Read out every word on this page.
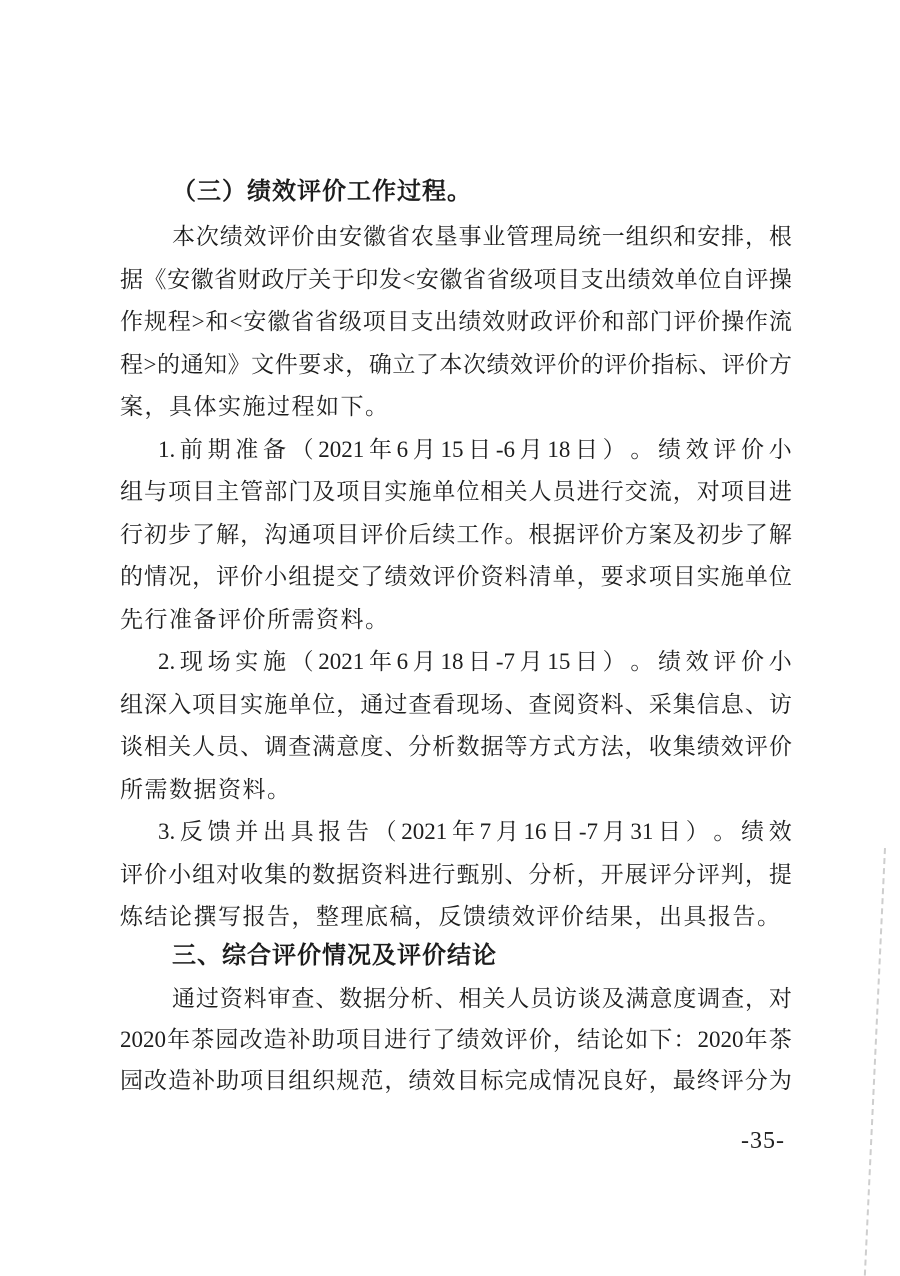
（三）绩效评价工作过程。
本 次 绩 效 评 价 由 安 徽 省 农 垦 事 业 管 理 局 统 一 组 织 和 安 排 ， 根
据 《 安 徽 省 财 政 厅 关 于 印 发 < 安 徽 省 省 级 项 目 支 出 绩 效 单 位 自 评 操
作 规 程 > 和 < 安 徽 省 省 级 项 目 支 出 绩 效 财 政 评 价 和 部 门 评 价 操 作 流
程 > 的 通 知 》 文 件 要 求 ， 确 立 了 本 次 绩 效 评 价 的 评 价 指 标 、 评 价 方
案，具体实施过程如下。
1. 前 期 准 备 （ 2021 年 6 月 15 日 -6 月 18 日 ） 。 绩 效 评 价 小
组 与 项 目 主 管 部 门 及 项 目 实 施 单 位 相 关 人 员 进 行 交 流 ， 对 项 目 进
行 初 步 了 解 ， 沟 通 项 目 评 价 后 续 工 作 。 根 据 评 价 方 案 及 初 步 了 解
的 情 况 ， 评 价 小 组 提 交 了 绩 效 评 价 资 料 清 单 ， 要 求 项 目 实 施 单 位
先行准备评价所需资料。
2. 现 场 实 施 （ 2021 年 6 月 18 日 -7 月 15 日 ） 。 绩 效 评 价 小
组 深 入 项 目 实 施 单 位 ， 通 过 查 看 现 场 、 查 阅 资 料 、 采 集 信 息 、 访
谈 相 关 人 员 、 调 查 满 意 度 、 分 析 数 据 等 方 式 方 法 ， 收 集 绩 效 评 价
所需数据资料。
3. 反 馈 并 出 具 报 告 （ 2021 年 7 月 16 日 -7 月 31 日 ） 。 绩 效
评 价 小 组 对 收 集 的 数 据 资 料 进 行 甄 别 、 分 析 ， 开 展 评 分 评 判 ， 提
炼结论撰写报告，整理底稿，反馈绩效评价结果，出具报告。
三、综合评价情况及评价结论
通 过 资 料 审 查 、 数 据 分 析 、 相 关 人 员 访 谈 及 满 意 度 调 查 ， 对
2020 年 茶 园 改 造 补 助 项 目 进 行 了 绩 效 评 价 ， 结 论 如 下 ： 2020 年 茶
园 改 造 补 助 项 目 组 织 规 范 ， 绩 效 目 标 完 成 情 况 良 好 ， 最 终 评 分 为
-35-
